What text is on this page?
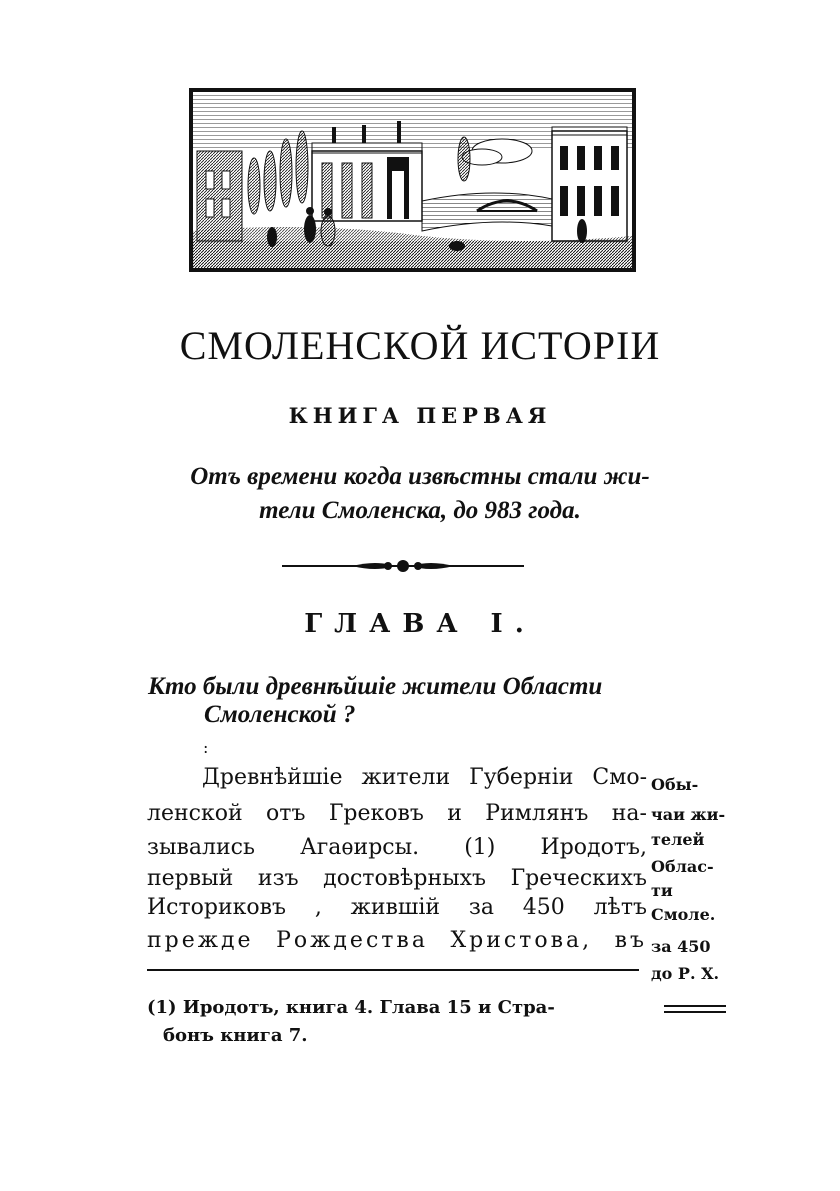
СМОЛЕНСКОЙ ИСТОРІИ
КНИГА ПЕРВАЯ
Отъ времени когда извѣстны стали жи-
тели Смоленска, до 983 года.
ГЛАВА I.
Кто были древнѣйшіе жители Области
Смоленской ?
:
Древнѣйшіе жители Губерніи Смо-
ленской отъ Грековъ и Римлянъ на-
зывались Агаѳирсы. (1) Иродотъ,
первый изъ достовѣрныхъ Греческихъ
Историковъ , жившій за 450 лѣтъ
прежде Рождества Христова, въ
Обы-
чаи жи-
телей
Облас-
ти
Смоле.
за 450
до Р. Х.
(1) Иродотъ, книга 4. Глава 15 и Стра-
бонъ книга 7.
